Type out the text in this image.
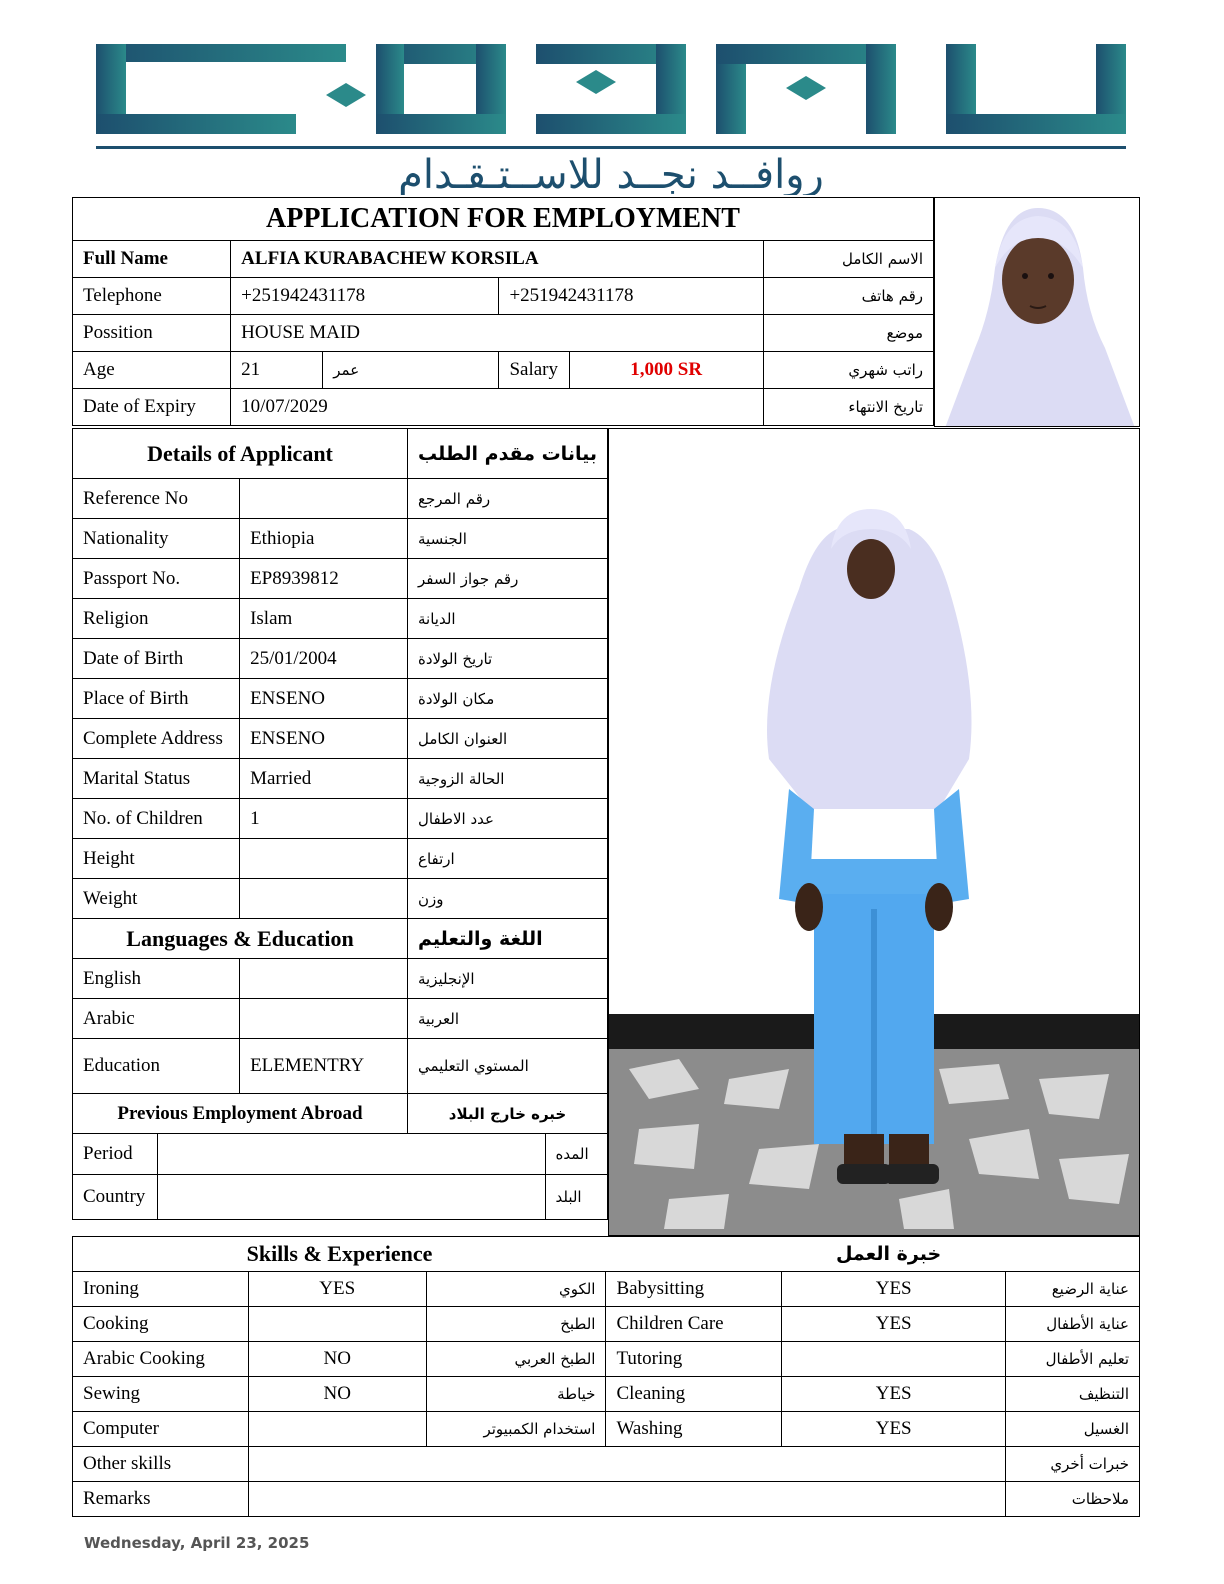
روافــد نجــد للاســتـقـدام
APPLICATION FOR EMPLOYMENT					
Full Name	ALFIA KURABACHEW KORSILA				الاسم الكامل
Telephone	+251942431178		+251942431178		رقم هاتف
Possition	HOUSE MAID				موضع
Age	21	عمر	Salary	1,000 SR	راتب شهري
Date of Expiry	10/07/2029				تاريخ الانتهاء
Details of Applicant	بيانات مقدم الطلب
Reference No		رقم المرجع
Nationality	Ethiopia	الجنسية
Passport No.	EP8939812	رقم جواز السفر
Religion	Islam	الديانة
Date of Birth	25/01/2004	تاريخ الولادة
Place of Birth	ENSENO	مكان الولادة
Complete Address	ENSENO	العنوان الكامل
Marital Status	Married	الحالة الزوجية
No. of Children	1	عدد الاطفال
Height		ارتفاع
Weight		وزن
Languages & Education	اللغة والتعليم
English		الإنجليزية
Arabic		العربية
Education	ELEMENTRY	المستوي التعليمي
Previous Employment Abroad	خبره خارج البلاد

Period		المده
Country		البلد
Skills & Experience			خبرة العمل		
Ironing	YES	الكوي	Babysitting	YES	عناية الرضيع
Cooking		الطبخ	Children Care	YES	عناية الأطفال
Arabic Cooking	NO	الطبخ العربي	Tutoring		تعليم الأطفال
Sewing	NO	خياطة	Cleaning	YES	التنظيف
Computer		استخدام الكمبيوتر	Washing	YES	الغسيل
Other skills					خبرات أخري
Remarks					ملاحظات
Wednesday, April 23, 2025
